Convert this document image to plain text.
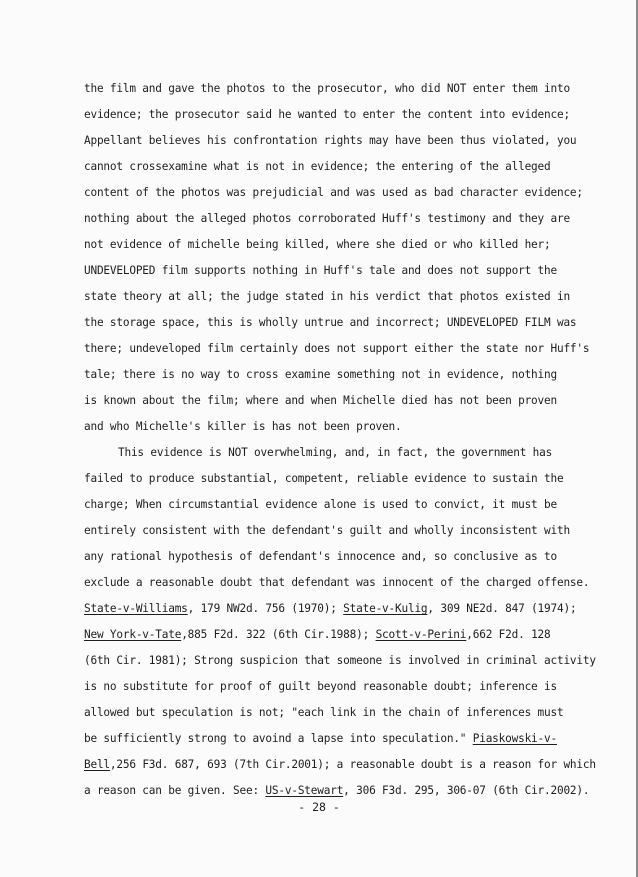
the film and gave the photos to the prosecutor, who did NOT enter them into
evidence; the prosecutor said he wanted to enter the content into evidence;
Appellant believes his confrontation rights may have been thus violated, you
cannot crossexamine what is not in evidence; the entering of the alleged
content of the photos was prejudicial and was used as bad character evidence;
nothing about the alleged photos corroborated Huff's testimony and they are
not evidence of michelle being killed, where she died or who killed her;
UNDEVELOPED film supports nothing in Huff's tale and does not support the
state theory at all; the judge stated in his verdict that photos existed in
the storage space, this is wholly untrue and incorrect; UNDEVELOPED FILM was
there; undeveloped film certainly does not support either the state nor Huff's
tale; there is no way to cross examine something not in evidence, nothing
is known about the film; where and when Michelle died has not been proven
and who Michelle's killer is has not been proven.
This evidence is NOT overwhelming, and, in fact, the government has
failed to produce substantial, competent, reliable evidence to sustain the
charge; When circumstantial evidence alone is used to convict, it must be
entirely consistent with the defendant's guilt and wholly inconsistent with
any rational hypothesis of defendant's innocence and, so conclusive as to
exclude a reasonable doubt that defendant was innocent of the charged offense.
State-v-Williams, 179 NW2d. 756 (1970); State-v-Kulig, 309 NE2d. 847 (1974);
New York-v-Tate,885 F2d. 322 (6th Cir.1988); Scott-v-Perini,662 F2d. 128
(6th Cir. 1981); Strong suspicion that someone is involved in criminal activity
is no substitute for proof of guilt beyond reasonable doubt; inference is
allowed but speculation is not; "each link in the chain of inferences must
be sufficiently strong to avoind a lapse into speculation." Piaskowski-v-
Bell,256 F3d. 687, 693 (7th Cir.2001); a reasonable doubt is a reason for which
a reason can be given. See: US-v-Stewart, 306 F3d. 295, 306-07 (6th Cir.2002).
- 28 -
